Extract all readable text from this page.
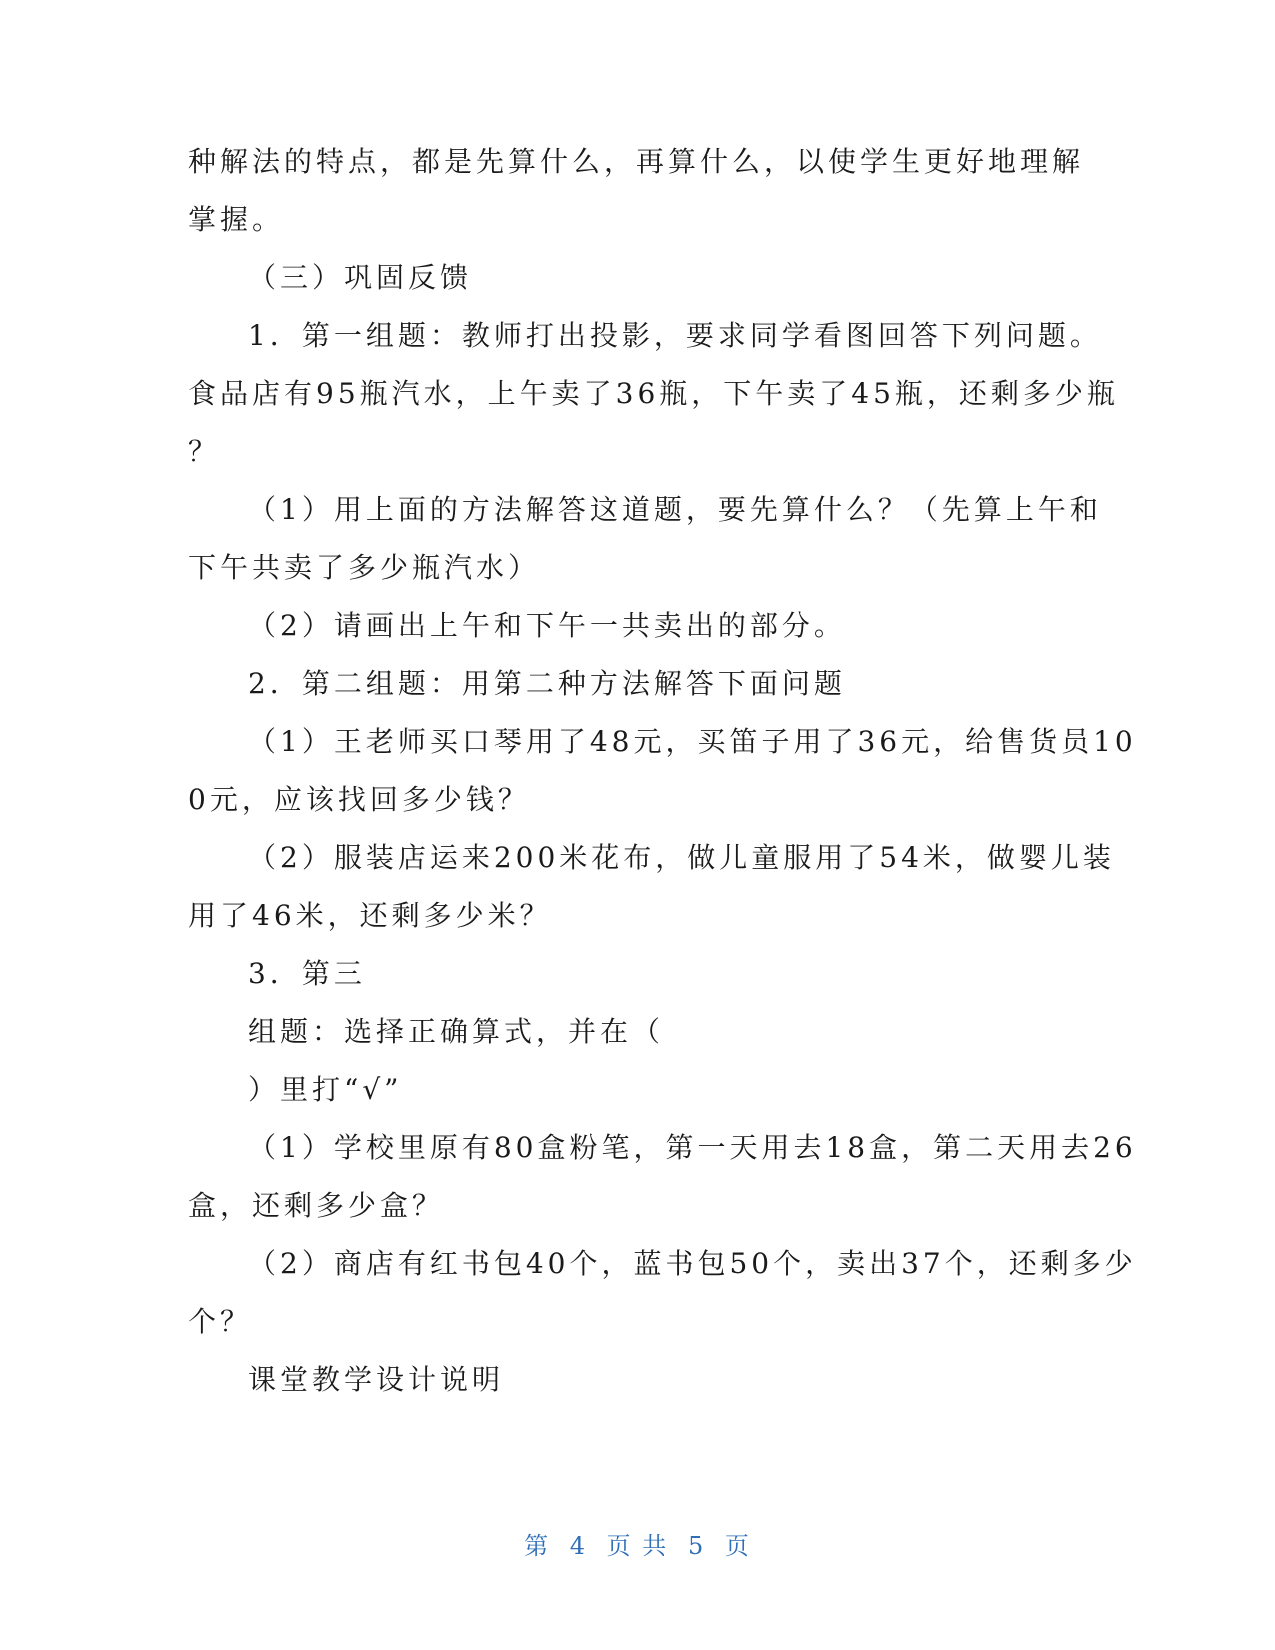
种解法的特点，都是先算什么，再算什么，以使学生更好地理解
掌握。
（三）巩固反馈
1．第一组题：教师打出投影，要求同学看图回答下列问题。
食品店有95瓶汽水，上午卖了36瓶，下午卖了45瓶，还剩多少瓶
？
（1）用上面的方法解答这道题，要先算什么？（先算上午和
下午共卖了多少瓶汽水）
（2）请画出上午和下午一共卖出的部分。
2．第二组题：用第二种方法解答下面问题
（1）王老师买口琴用了48元，买笛子用了36元，给售货员10
0元，应该找回多少钱？
（2）服装店运来200米花布，做儿童服用了54米，做婴儿装
用了46米，还剩多少米？
3．第三
组题：选择正确算式，并在（
）里打“√”
（1）学校里原有80盒粉笔，第一天用去18盒，第二天用去26
盒，还剩多少盒？
（2）商店有红书包40个，蓝书包50个，卖出37个，还剩多少
个？
课堂教学设计说明
第 4 页 共 5 页
